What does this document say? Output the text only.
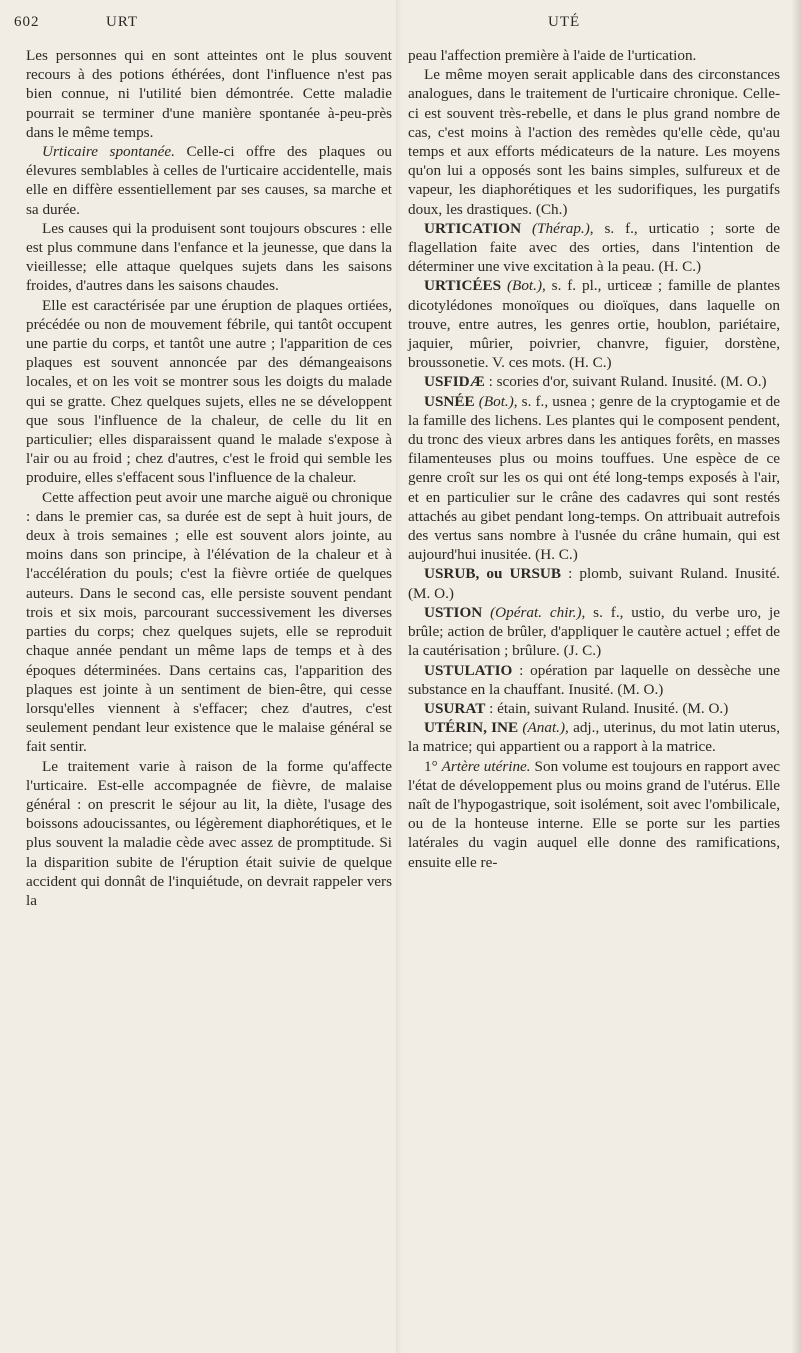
602	URT	UTÉ

Les personnes qui en sont atteintes ont le plus souvent recours à des potions éthérées, dont l'influence n'est pas bien connue, ni l'utilité bien démontrée. Cette maladie pourrait se terminer d'une manière spontanée à-peu-près dans le même temps.

Urticaire spontanée. Celle-ci offre des plaques ou élevures semblables à celles de l'urticaire accidentelle, mais elle en diffère essentiellement par ses causes, sa marche et sa durée.

Les causes qui la produisent sont toujours obscures : elle est plus commune dans l'enfance et la jeunesse, que dans la vieillesse; elle attaque quelques sujets dans les saisons froides, d'autres dans les saisons chaudes.

Elle est caractérisée par une éruption de plaques ortiées, précédée ou non de mouvement fébrile, qui tantôt occupent une partie du corps, et tantôt une autre ; l'apparition de ces plaques est souvent annoncée par des démangeaisons locales, et on les voit se montrer sous les doigts du malade qui se gratte. Chez quelques sujets, elles ne se développent que sous l'influence de la chaleur, de celle du lit en particulier; elles disparaissent quand le malade s'expose à l'air ou au froid ; chez d'autres, c'est le froid qui semble les produire, elles s'effacent sous l'influence de la chaleur.

Cette affection peut avoir une marche aiguë ou chronique : dans le premier cas, sa durée est de sept à huit jours, de deux à trois semaines ; elle est souvent alors jointe, au moins dans son principe, à l'élévation de la chaleur et à l'accélération du pouls; c'est la fièvre ortiée de quelques auteurs. Dans le second cas, elle persiste souvent pendant trois et six mois, parcourant successivement les diverses parties du corps; chez quelques sujets, elle se reproduit chaque année pendant un même laps de temps et à des époques déterminées. Dans certains cas, l'apparition des plaques est jointe à un sentiment de bien-être, qui cesse lorsqu'elles viennent à s'effacer; chez d'autres, c'est seulement pendant leur existence que le malaise général se fait sentir.

Le traitement varie à raison de la forme qu'affecte l'urticaire. Est-elle accompagnée de fièvre, de malaise général : on prescrit le séjour au lit, la diète, l'usage des boissons adoucissantes, ou légèrement diaphorétiques, et le plus souvent la maladie cède avec assez de promptitude. Si la disparition subite de l'éruption était suivie de quelque accident qui donnât de l'inquiétude, on devrait rappeler vers la

peau l'affection première à l'aide de l'urtication.

Le même moyen serait applicable dans des circonstances analogues, dans le traitement de l'urticaire chronique. Celle-ci est souvent très-rebelle, et dans le plus grand nombre de cas, c'est moins à l'action des remèdes qu'elle cède, qu'au temps et aux efforts médicateurs de la nature. Les moyens qu'on lui a opposés sont les bains simples, sulfureux et de vapeur, les diaphorétiques et les sudorifiques, les purgatifs doux, les drastiques. (Ch.)

URTICATION (Thérap.), s. f., urticatio ; sorte de flagellation faite avec des orties, dans l'intention de déterminer une vive excitation à la peau. (H. C.)

URTICÉES (Bot.), s. f. pl., urticeæ ; famille de plantes dicotylédones monoïques ou dioïques, dans laquelle on trouve, entre autres, les genres ortie, houblon, pariétaire, jaquier, mûrier, poivrier, chanvre, figuier, dorstène, broussonetie. V. ces mots. (H. C.)

USFIDÆ : scories d'or, suivant Ruland. Inusité. (M. O.)

USNÉE (Bot.), s. f., usnea ; genre de la cryptogamie et de la famille des lichens. Les plantes qui le composent pendent, du tronc des vieux arbres dans les antiques forêts, en masses filamenteuses plus ou moins touffues. Une espèce de ce genre croît sur les os qui ont été long-temps exposés à l'air, et en particulier sur le crâne des cadavres qui sont restés attachés au gibet pendant long-temps. On attribuait autrefois des vertus sans nombre à l'usnée du crâne humain, qui est aujourd'hui inusitée. (H. C.)

USRUB, ou URSUB : plomb, suivant Ruland. Inusité. (M. O.)

USTION (Opérat. chir.), s. f., ustio, du verbe uro, je brûle; action de brûler, d'appliquer le cautère actuel ; effet de la cautérisation ; brûlure. (J. C.)

USTULATIO : opération par laquelle on dessèche une substance en la chauffant. Inusité. (M. O.)

USURAT : étain, suivant Ruland. Inusité. (M. O.)

UTÉRIN, INE (Anat.), adj., uterinus, du mot latin uterus, la matrice; qui appartient ou a rapport à la matrice.

1° Artère utérine. Son volume est toujours en rapport avec l'état de développement plus ou moins grand de l'utérus. Elle naît de l'hypogastrique, soit isolément, soit avec l'ombilicale, ou de la honteuse interne. Elle se porte sur les parties latérales du vagin auquel elle donne des ramifications, ensuite elle re-
